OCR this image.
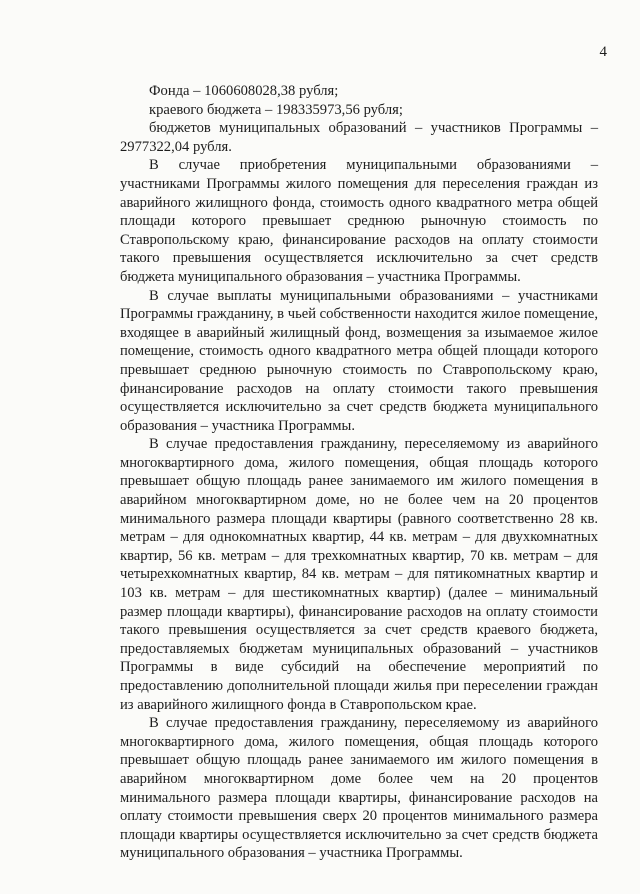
4

Фонда – 1060608028,38 рубля;

краевого бюджета – 198335973,56 рубля;

бюджетов муниципальных образований – участников Программы – 2977322,04 рубля.

В случае приобретения муниципальными образованиями – участниками Программы жилого помещения для переселения граждан из аварийного жилищного фонда, стоимость одного квадратного метра общей площади которого превышает среднюю рыночную стоимость по Ставропольскому краю, финансирование расходов на оплату стоимости такого превышения осуществляется исключительно за счет средств бюджета муниципального образования – участника Программы.

В случае выплаты муниципальными образованиями – участниками Программы гражданину, в чьей собственности находится жилое помещение, входящее в аварийный жилищный фонд, возмещения за изымаемое жилое помещение, стоимость одного квадратного метра общей площади которого превышает среднюю рыночную стоимость по Ставропольскому краю, финансирование расходов на оплату стоимости такого превышения осуществляется исключительно за счет средств бюджета муниципального образования – участника Программы.

В случае предоставления гражданину, переселяемому из аварийного многоквартирного дома, жилого помещения, общая площадь которого превышает общую площадь ранее занимаемого им жилого помещения в аварийном многоквартирном доме, но не более чем на 20 процентов минимального размера площади квартиры (равного соответственно 28 кв. метрам – для однокомнатных квартир, 44 кв. метрам – для двухкомнатных квартир, 56 кв. метрам – для трехкомнатных квартир, 70 кв. метрам – для четырехкомнатных квартир, 84 кв. метрам – для пятикомнатных квартир и 103 кв. метрам – для шестикомнатных квартир) (далее – минимальный размер площади квартиры), финансирование расходов на оплату стоимости такого превышения осуществляется за счет средств краевого бюджета, предоставляемых бюджетам муниципальных образований – участников Программы в виде субсидий на обеспечение мероприятий по предоставлению дополнительной площади жилья при переселении граждан из аварийного жилищного фонда в Ставропольском крае.

В случае предоставления гражданину, переселяемому из аварийного многоквартирного дома, жилого помещения, общая площадь которого превышает общую площадь ранее занимаемого им жилого помещения в аварийном многоквартирном доме более чем на 20 процентов минимального размера площади квартиры, финансирование расходов на оплату стоимости превышения сверх 20 процентов минимального размера площади квартиры осуществляется исключительно за счет средств бюджета муниципального образования – участника Программы.
